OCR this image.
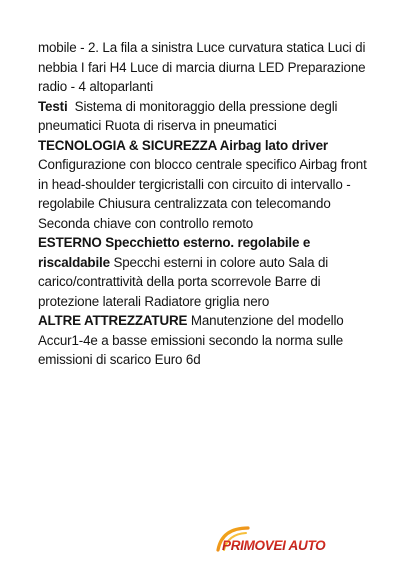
mobile - 2. La fila a sinistra Luce curvatura statica Luci di nebbia I fari H4 Luce di marcia diurna LED Preparazione radio - 4 altoparlanti

Testi  Sistema di monitoraggio della pressione degli pneumatici Ruota di riserva in pneumatici

TECNOLOGIA & SICUREZZA Airbag lato driver Configurazione con blocco centrale specifico Airbag front in head-shoulder tergicristalli con circuito di intervallo - regolabile Chiusura centralizzata con telecomando Seconda chiave con controllo remoto

ESTERNO Specchietto esterno. regolabile e riscaldabile Specchi esterni in colore auto Sala di carico/contrattività della porta scorrevole Barre di protezione laterali Radiatore griglia nero

ALTRE ATTREZZATURE Manutenzione del modello Accur1-4e a basse emissioni secondo la norma sulle emissioni di scarico Euro 6d

PRIMOVEI AUTO
